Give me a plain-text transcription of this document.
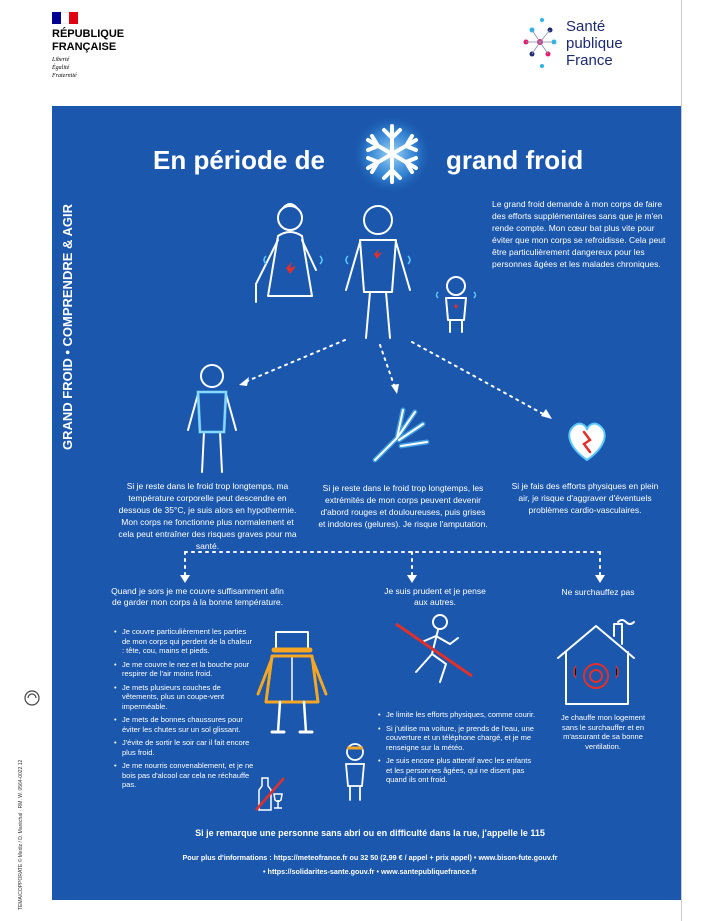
RÉPUBLIQUE
FRANÇAISE
Liberté
Égalité
Fraternité
Santé
publique
France
TEMA/COPPORATE © Mediz / D. Maréchal · RM. W. 0564-0022 12
En période de	grand froid
GRAND FROID • COMPRENDRE & AGIR	Le grand froid demande à mon corps de faire des efforts supplémentaires sans que je m'en rende compte. Mon cœur bat plus vite pour éviter que mon corps se refroidisse. Cela peut être particulièrement dangereux pour les personnes âgées et les malades chroniques.
Si je reste dans le froid trop longtemps, ma température corporelle peut descendre en dessous de 35°C, je suis alors en hypothermie. Mon corps ne fonctionne plus normalement et cela peut entraîner des risques graves pour ma santé.
Si je reste dans le froid trop longtemps, les extrémités de mon corps peuvent devenir d'abord rouges et douloureuses, puis grises et indolores (gelures). Je risque l'amputation.
Si je fais des efforts physiques en plein air, je risque d'aggraver d'éventuels problèmes cardio-vasculaires.
Quand je sors je me couvre suffisamment afin de garder mon corps à la bonne température.
Je suis prudent et je pense aux autres.
Ne surchauffez pas
• Je couvre particulièrement les parties de mon corps qui perdent de la chaleur : tête, cou, mains et pieds.
• Je me couvre le nez et la bouche pour respirer de l'air moins froid.
• Je mets plusieurs couches de vêtements, plus un coupe-vent imperméable.
• Je mets de bonnes chaussures pour éviter les chutes sur un sol glissant.
• J'évite de sortir le soir car il fait encore plus froid.
• Je me nourris convenablement, et je ne bois pas d'alcool car cela ne réchauffe pas.
• Je limite les efforts physiques, comme courir.
• Si j'utilise ma voiture, je prends de l'eau, une couverture et un téléphone chargé, et je me renseigne sur la météo.
• Je suis encore plus attentif avec les enfants et les personnes âgées, qui ne disent pas quand ils ont froid.
Je chauffe mon logement sans le surchauffer et en m'assurant de sa bonne ventilation.
Si je remarque une personne sans abri ou en difficulté dans la rue, j'appelle le 115
Pour plus d'informations : https://meteofrance.fr ou 32 50 (2,99 € / appel + prix appel) • www.bison-fute.gouv.fr
• https://solidarites-sante.gouv.fr • www.santepubliquefrance.fr
